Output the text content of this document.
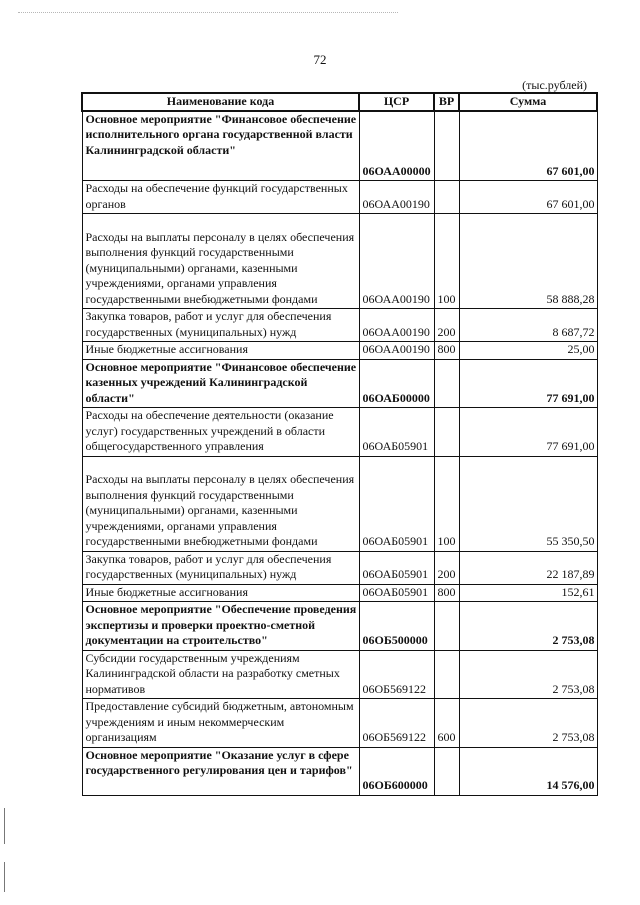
72
(тыс.рублей)
Наименование кода	ЦСР	ВР	Сумма
Основное мероприятие "Финансовое обеспечение исполнительного органа государственной власти Калининградской области"	06ОАА00000		67 601,00
Расходы на обеспечение функций государственных органов	06ОАА00190		67 601,00
Расходы на выплаты персоналу в целях обеспечения выполнения функций государственными (муниципальными) органами, казенными учреждениями, органами управления государственными внебюджетными фондами	06ОАА00190	100	58 888,28
Закупка товаров, работ и услуг для обеспечения государственных (муниципальных) нужд	06ОАА00190	200	8 687,72
Иные бюджетные ассигнования	06ОАА00190	800	25,00
Основное мероприятие "Финансовое обеспечение казенных учреждений Калининградской области"	06ОАБ00000		77 691,00
Расходы на обеспечение деятельности (оказание услуг) государственных учреждений в области общегосударственного управления	06ОАБ05901		77 691,00
Расходы на выплаты персоналу в целях обеспечения выполнения функций государственными (муниципальными) органами, казенными учреждениями, органами управления государственными внебюджетными фондами	06ОАБ05901	100	55 350,50
Закупка товаров, работ и услуг для обеспечения государственных (муниципальных) нужд	06ОАБ05901	200	22 187,89
Иные бюджетные ассигнования	06ОАБ05901	800	152,61
Основное мероприятие "Обеспечение проведения экспертизы и проверки проектно-сметной документации на строительство"	06ОБ500000		2 753,08
Субсидии государственным учреждениям Калининградской области на разработку сметных нормативов	06ОБ569122		2 753,08
Предоставление субсидий бюджетным, автономным учреждениям и иным некоммерческим организациям	06ОБ569122	600	2 753,08
Основное мероприятие "Оказание услуг в сфере государственного регулирования цен и тарифов"	06ОБ600000		14 576,00
